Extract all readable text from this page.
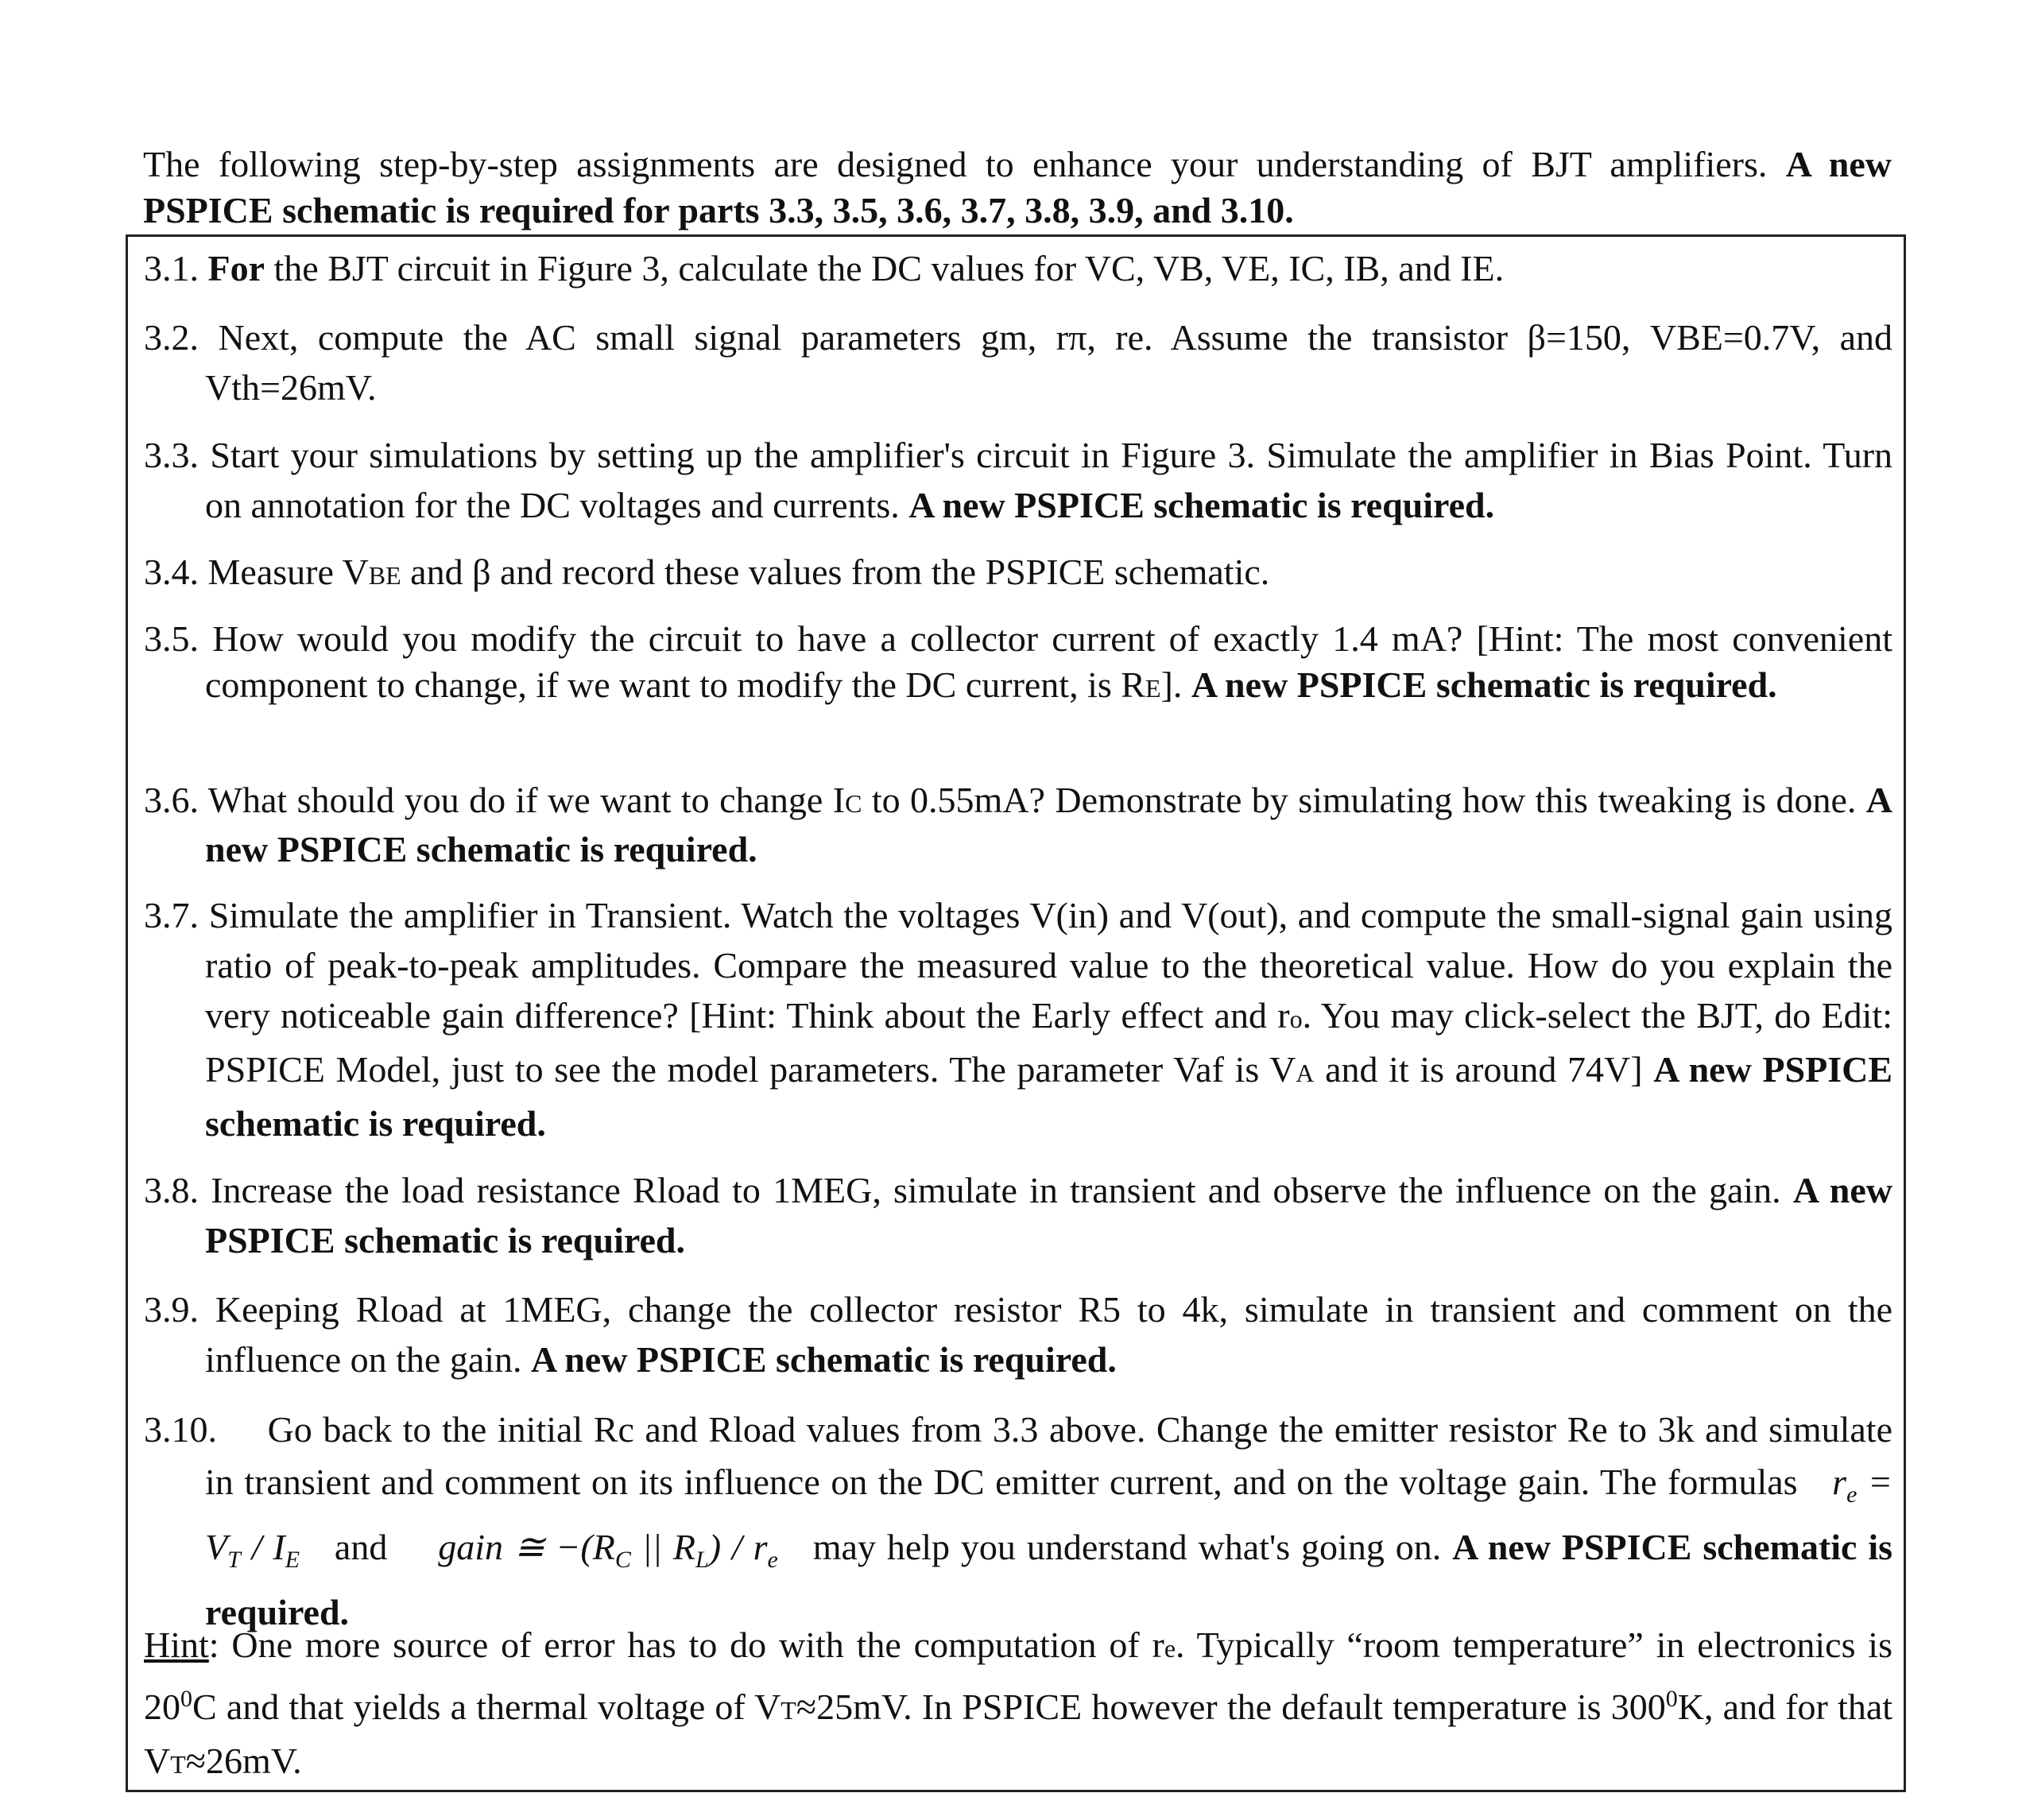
The following step-by-step assignments are designed to enhance your understanding of BJT amplifiers. A new PSPICE schematic is required for parts 3.3, 3.5, 3.6, 3.7, 3.8, 3.9, and 3.10.
3.1. For the BJT circuit in Figure 3, calculate the DC values for VC, VB, VE, IC, IB, and IE.
3.2. Next, compute the AC small signal parameters gm, rπ, re. Assume the transistor β=150, VBE=0.7V, and Vth=26mV.
3.3. Start your simulations by setting up the amplifier's circuit in Figure 3. Simulate the amplifier in Bias Point. Turn on annotation for the DC voltages and currents. A new PSPICE schematic is required.
3.4. Measure VBE and β and record these values from the PSPICE schematic.
3.5. How would you modify the circuit to have a collector current of exactly 1.4 mA? [Hint: The most convenient component to change, if we want to modify the DC current, is RE]. A new PSPICE schematic is required.
3.6. What should you do if we want to change IC to 0.55mA? Demonstrate by simulating how this tweaking is done. A new PSPICE schematic is required.
3.7. Simulate the amplifier in Transient. Watch the voltages V(in) and V(out), and compute the small-signal gain using ratio of peak-to-peak amplitudes. Compare the measured value to the theoretical value. How do you explain the very noticeable gain difference? [Hint: Think about the Early effect and ro. You may click-select the BJT, do Edit: PSPICE Model, just to see the model parameters. The parameter Vaf is VA and it is around 74V] A new PSPICE schematic is required.
3.8. Increase the load resistance Rload to 1MEG, simulate in transient and observe the influence on the gain. A new PSPICE schematic is required.
3.9. Keeping Rload at 1MEG, change the collector resistor R5 to 4k, simulate in transient and comment on the influence on the gain. A new PSPICE schematic is required.
3.10. Go back to the initial Rc and Rload values from 3.3 above. Change the emitter resistor Re to 3k and simulate in transient and comment on its influence on the DC emitter current, and on the voltage gain. The formulas $r_e = V_T / I_E$ and gain ≅ $-(R_C$ || $R_L) / r_e$ may help you understand what's going on. A new PSPICE schematic is required.
Hint: One more source of error has to do with the computation of re. Typically “room temperature” in electronics is $20^0C$ and that yields a thermal voltage of VT≈25mV. In PSPICE however the default temperature is $300^0K$, and for that VT≈26mV.
